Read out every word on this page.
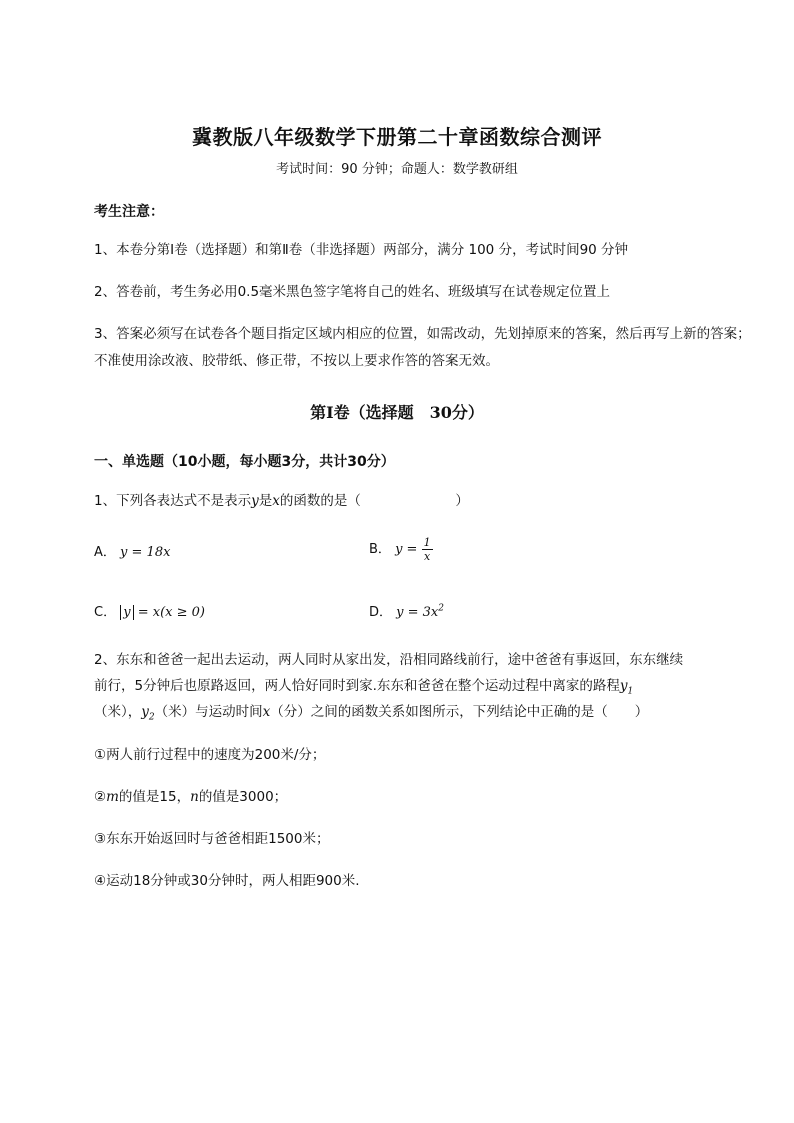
冀教版八年级数学下册第二十章函数综合测评
考试时间：90 分钟；命题人：数学教研组
考生注意：
1、本卷分第Ⅰ卷（选择题）和第Ⅱ卷（非选择题）两部分，满分 100 分，考试时间90 分钟
2、答卷前，考生务必用0.5毫米黑色签字笔将自己的姓名、班级填写在试卷规定位置上
3、答案必须写在试卷各个题目指定区域内相应的位置，如需改动，先划掉原来的答案，然后再写上新的答案；不准使用涂改液、胶带纸、修正带，不按以上要求作答的答案无效。
第Ⅰ卷（选择题　30分）
一、单选题（10小题，每小题3分，共计30分）
1、下列各表达式不是表示y是x的函数的是（　　　　　　　）
A． y = 18x	B． $y = \frac{1}{x}$
C． y = x(x ≥ 0)	D． $y = 3x^2$
2、东东和爸爸一起出去运动，两人同时从家出发，沿相同路线前行，途中爸爸有事返回，东东继续
前行，5分钟后也原路返回，两人恰好同时到家.东东和爸爸在整个运动过程中离家的路程$y_1$
（米），$y_2$（米）与运动时间x（分）之间的函数关系如图所示，下列结论中正确的是（　　）
①两人前行过程中的速度为200米/分；
②m的值是15，n的值是3000；
③东东开始返回时与爸爸相距1500米；
④运动18分钟或30分钟时，两人相距900米.
